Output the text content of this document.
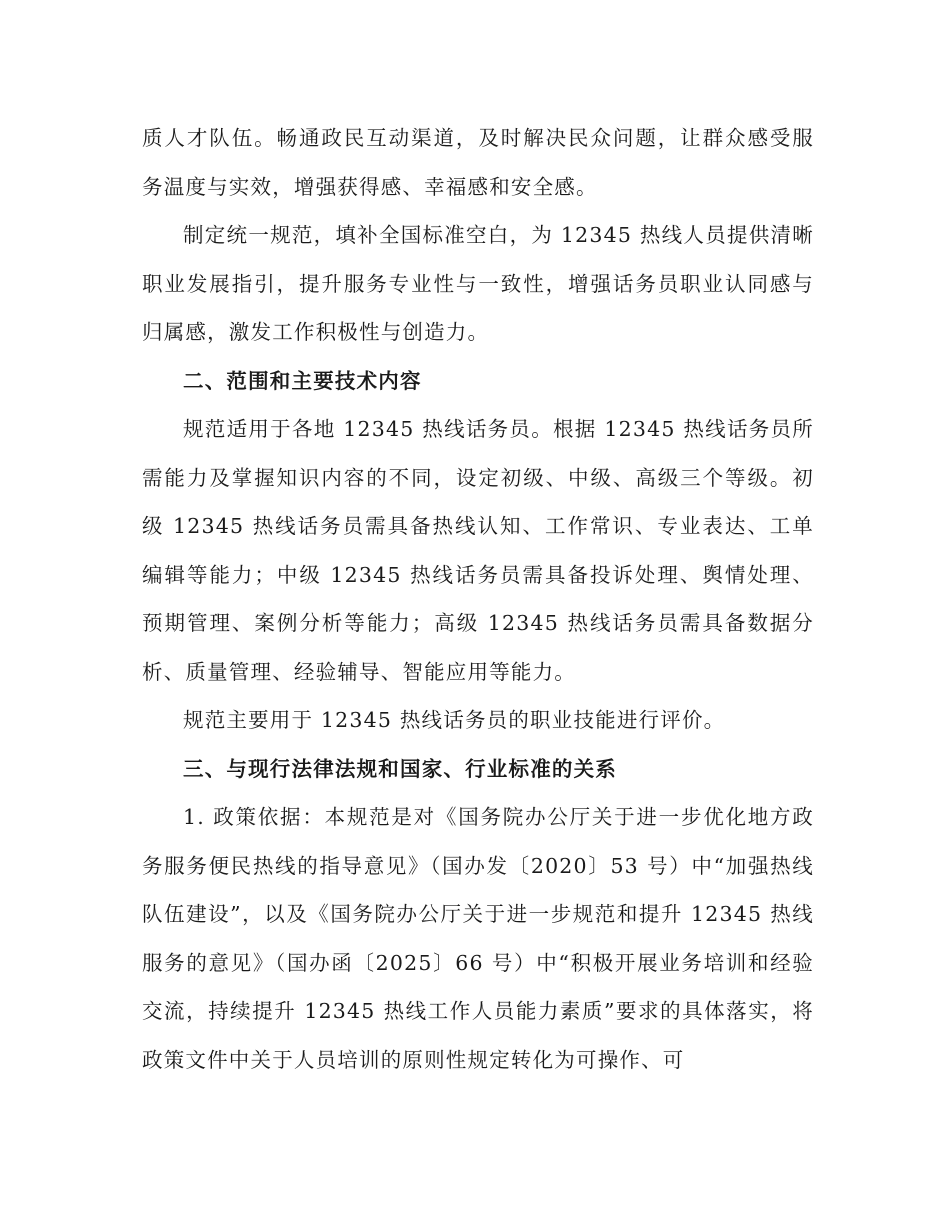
质人才队伍。畅通政民互动渠道，及时解决民众问题，让群众感受服务温度与实效，增强获得感、幸福感和安全感。

制定统一规范，填补全国标准空白，为 12345 热线人员提供清晰职业发展指引，提升服务专业性与一致性，增强话务员职业认同感与归属感，激发工作积极性与创造力。

二、范围和主要技术内容

规范适用于各地 12345 热线话务员。根据 12345 热线话务员所需能力及掌握知识内容的不同，设定初级、中级、高级三个等级。初级 12345 热线话务员需具备热线认知、工作常识、专业表达、工单编辑等能力；中级 12345 热线话务员需具备投诉处理、舆情处理、预期管理、案例分析等能力；高级 12345 热线话务员需具备数据分析、质量管理、经验辅导、智能应用等能力。

规范主要用于 12345 热线话务员的职业技能进行评价。

三、与现行法律法规和国家、行业标准的关系

1. 政策依据：本规范是对《国务院办公厅关于进一步优化地方政务服务便民热线的指导意见》（国办发〔2020〕53 号）中“加强热线队伍建设”，以及《国务院办公厅关于进一步规范和提升 12345 热线服务的意见》（国办函〔2025〕66 号）中“积极开展业务培训和经验交流，持续提升 12345 热线工作人员能力素质”要求的具体落实，将政策文件中关于人员培训的原则性规定转化为可操作、可
